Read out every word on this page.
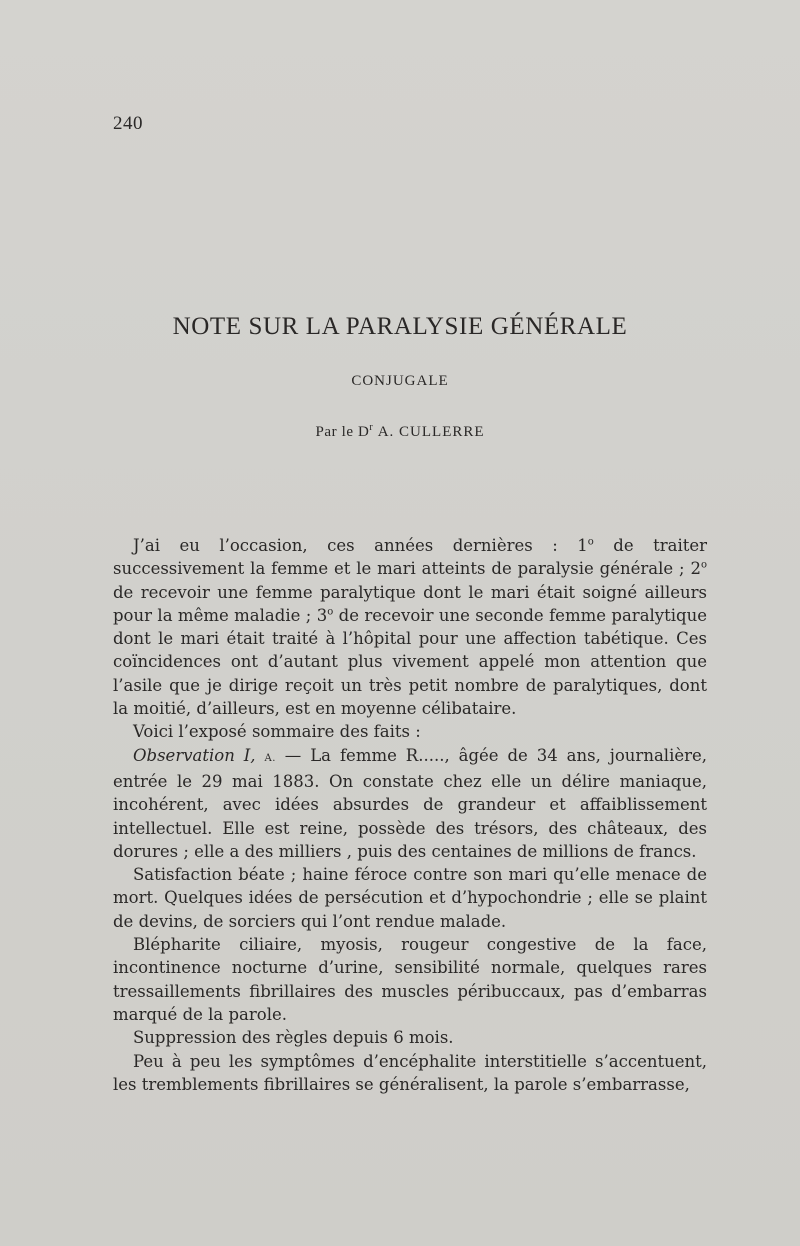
240
NOTE SUR LA PARALYSIE GÉNÉRALE
CONJUGALE
Par le $D^r$ A. CULLERRE

J’ai eu l’occasion, ces années dernières : 1$^o$ de traiter successivement la femme et le mari atteints de paralysie générale ; 2$^o$ de recevoir une femme paralytique dont le mari était soigné ailleurs pour la même maladie ; 3$^o$ de recevoir une seconde femme paralytique dont le mari était traité à l’hôpital pour une affection tabétique. Ces coïncidences ont d’autant plus vivement appelé mon attention que l’asile que je dirige reçoit un très petit nombre de paralytiques, dont la moitié, d’ailleurs, est en moyenne célibataire.

Voici l’exposé sommaire des faits :

Observation I, A. — La femme R....., âgée de 34 ans, journalière, entrée le 29 mai 1883. On constate chez elle un délire maniaque, incohérent, avec idées absurdes de grandeur et affaiblissement intellectuel. Elle est reine, possède des trésors, des châteaux, des dorures ; elle a des milliers , puis des centaines de millions de francs.

Satisfaction béate ; haine féroce contre son mari qu’elle menace de mort. Quelques idées de persécution et d’hypochondrie ; elle se plaint de devins, de sorciers qui l’ont rendue malade.

Blépharite ciliaire, myosis, rougeur congestive de la face, incontinence nocturne d’urine, sensibilité normale, quelques rares tressaillements fibrillaires des muscles péribuccaux, pas d’embarras marqué de la parole.

Suppression des règles depuis 6 mois.

Peu à peu les symptômes d’encéphalite interstitielle s’accentuent, les tremblements fibrillaires se généralisent, la parole s’embarrasse,
